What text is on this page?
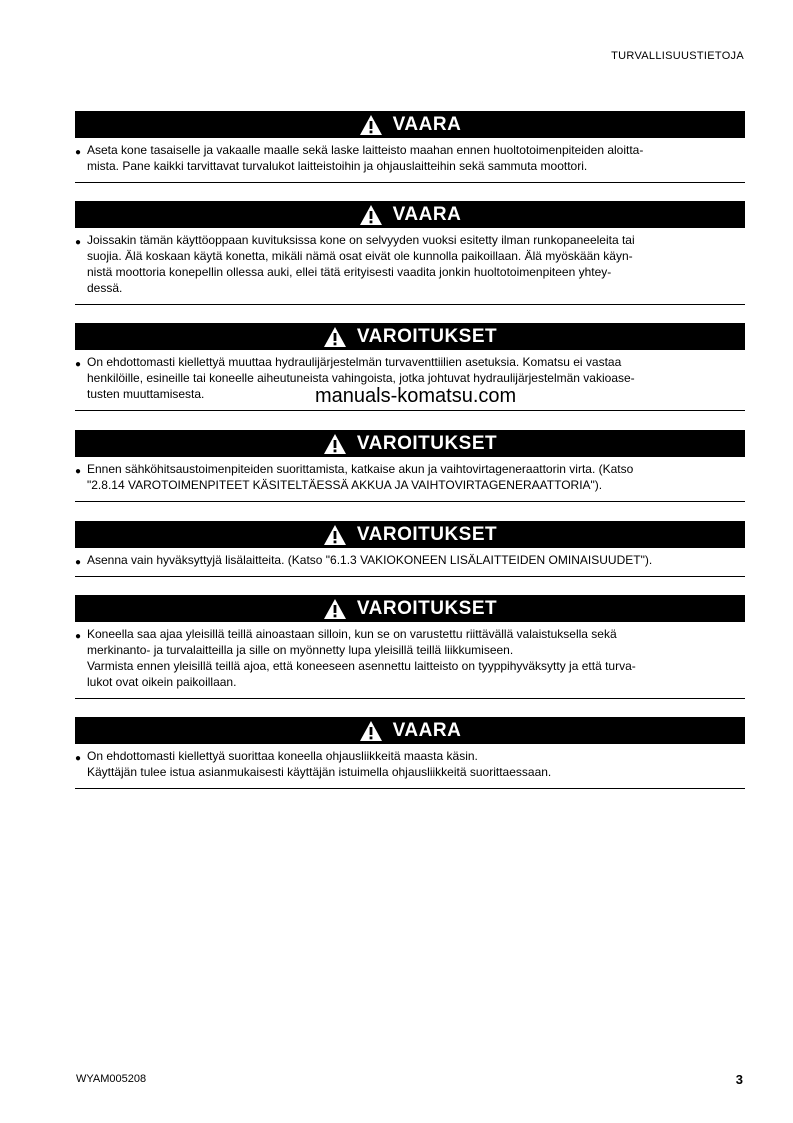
TURVALLISUUSTIETOJA
VAARA
● Aseta kone tasaiselle ja vakaalle maalle sekä laske laitteisto maahan ennen huoltotoimenpiteiden aloitta-
mista. Pane kaikki tarvittavat turvalukot laitteistoihin ja ohjauslaitteihin sekä sammuta moottori.
VAARA
● Joissakin tämän käyttöoppaan kuvituksissa kone on selvyyden vuoksi esitetty ilman runkopaneeleita tai
suojia. Älä koskaan käytä konetta, mikäli nämä osat eivät ole kunnolla paikoillaan. Älä myöskään käyn-
nistä moottoria konepellin ollessa auki, ellei tätä erityisesti vaadita jonkin huoltotoimenpiteen yhtey-
dessä.
VAROITUKSET
● On ehdottomasti kiellettyä muuttaa hydraulijärjestelmän turvaventtiilien asetuksia. Komatsu ei vastaa
henkilöille, esineille tai koneelle aiheutuneista vahingoista, jotka johtuvat hydraulijärjestelmän vakioase-
tusten muuttamisesta.	manuals-komatsu.com
VAROITUKSET
● Ennen sähköhitsaustoimenpiteiden suorittamista, katkaise akun ja vaihtovirtageneraattorin virta. (Katso
"2.8.14 VAROTOIMENPITEET KÄSITELTÄESSÄ AKKUA JA VAIHTOVIRTAGENERAATTORIA").
VAROITUKSET
● Asenna vain hyväksyttyjä lisälaitteita. (Katso "6.1.3 VAKIOKONEEN LISÄLAITTEIDEN OMINAISUUDET").
VAROITUKSET
● Koneella saa ajaa yleisillä teillä ainoastaan silloin, kun se on varustettu riittävällä valaistuksella sekä
merkinanto- ja turvalaitteilla ja sille on myönnetty lupa yleisillä teillä liikkumiseen.
Varmista ennen yleisillä teillä ajoa, että koneeseen asennettu laitteisto on tyyppihyväksytty ja että turva-
lukot ovat oikein paikoillaan.
VAARA
● On ehdottomasti kiellettyä suorittaa koneella ohjausliikkeitä maasta käsin.
Käyttäjän tulee istua asianmukaisesti käyttäjän istuimella ohjausliikkeitä suorittaessaan.
WYAM005208	3
